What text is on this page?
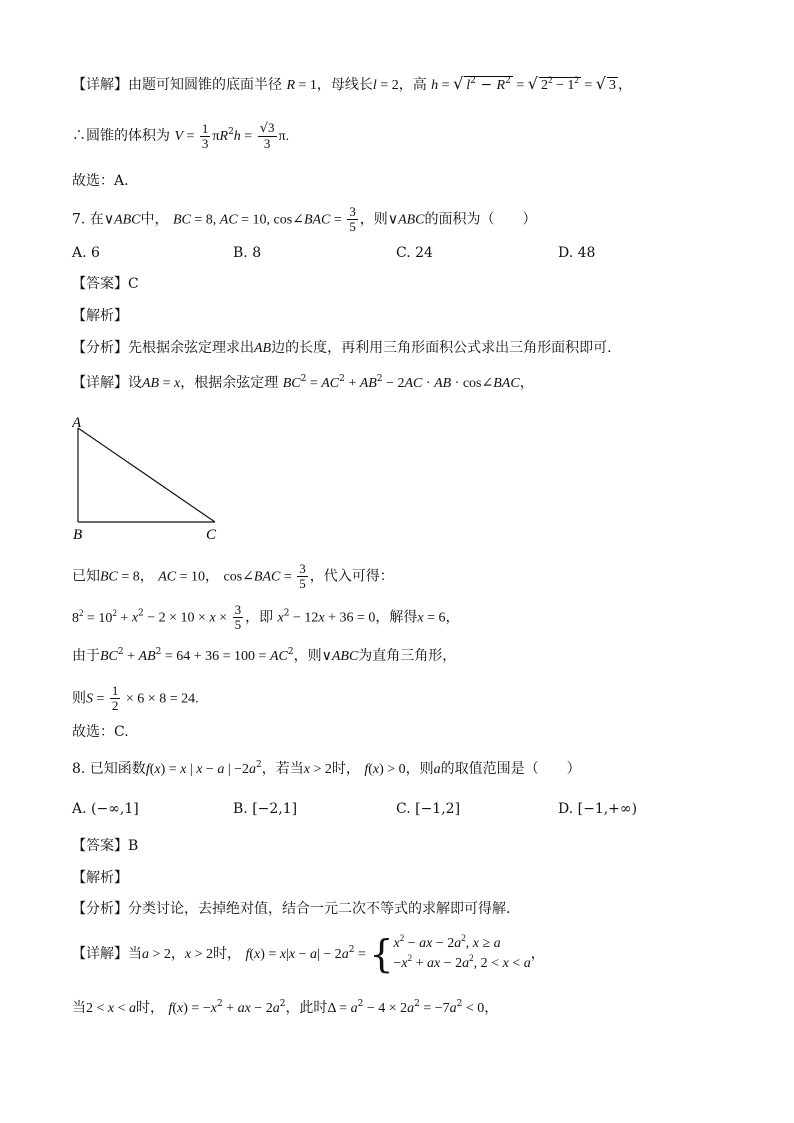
【详解】由题可知圆锥的底面半径 R = 1，母线长l = 2，高 h = √ $l^2 - R^2$ = √ $2^2 - 1^2$ = √ 3 ，
∴圆锥的体积为 $V = \frac{1}{3} \pi R^2h = \frac{√3}{3} \pi$.
故选：A.
7. 在∨ABC中， BC = 8, AC = 10, cos∠BAC = $\frac{3}{5}$ ，则∨ABC的面积为（　　）
A. 6	B. 8	C. 24	D. 48
【答案】C
【解析】
【分析】先根据余弦定理求出AB边的长度，再利用三角形面积公式求出三角形面积即可.
【详解】设AB = x，根据余弦定理 $BC^2 = AC^2 + AB^2 - 2AC$ · AB · cos∠BAC，
A
B	C
已知BC = 8， AC = 10， cos∠BAC = $\frac{3}{5}$ ，代入可得：
$8^2 = 10^2 + x^2 - 2 \times 10 \times x \times \frac{3}{5}$ ，即 $x^2 - 12x + 36 = 0$，解得x = 6，
由于$BC^2 + AB^2 = 64 + 36 = 100 = AC^2$，则∨ABC为直角三角形，
则$S = \frac{1}{2} \times 6 \times 8 = 24$.
故选：C.
8. 已知函数f(x) = x | x − a | $-2a^2$，若当x > 2时， f(x) > 0，则a的取值范围是（　　）
A. (−∞,1]	B. [−2,1]	C. [−1,2]	D. [−1,+∞)
【答案】B
【解析】
【分析】分类讨论，去掉绝对值，结合一元二次不等式的求解即可得解.
【详解】当a > 2，x > 2时， $f(x) = x|x - a| - 2a^2$ = { $x^2$ − ax − $2a^2$, x ≥ a
$-x^2$ + ax − $2a^2$, 2 < x < a
，
当2 < x < a时， $f(x) = -x^2$ + ax − $2a^2$，此时$\Delta = a^2 - 4 \times 2a^2 = -7a^2 < 0$，
